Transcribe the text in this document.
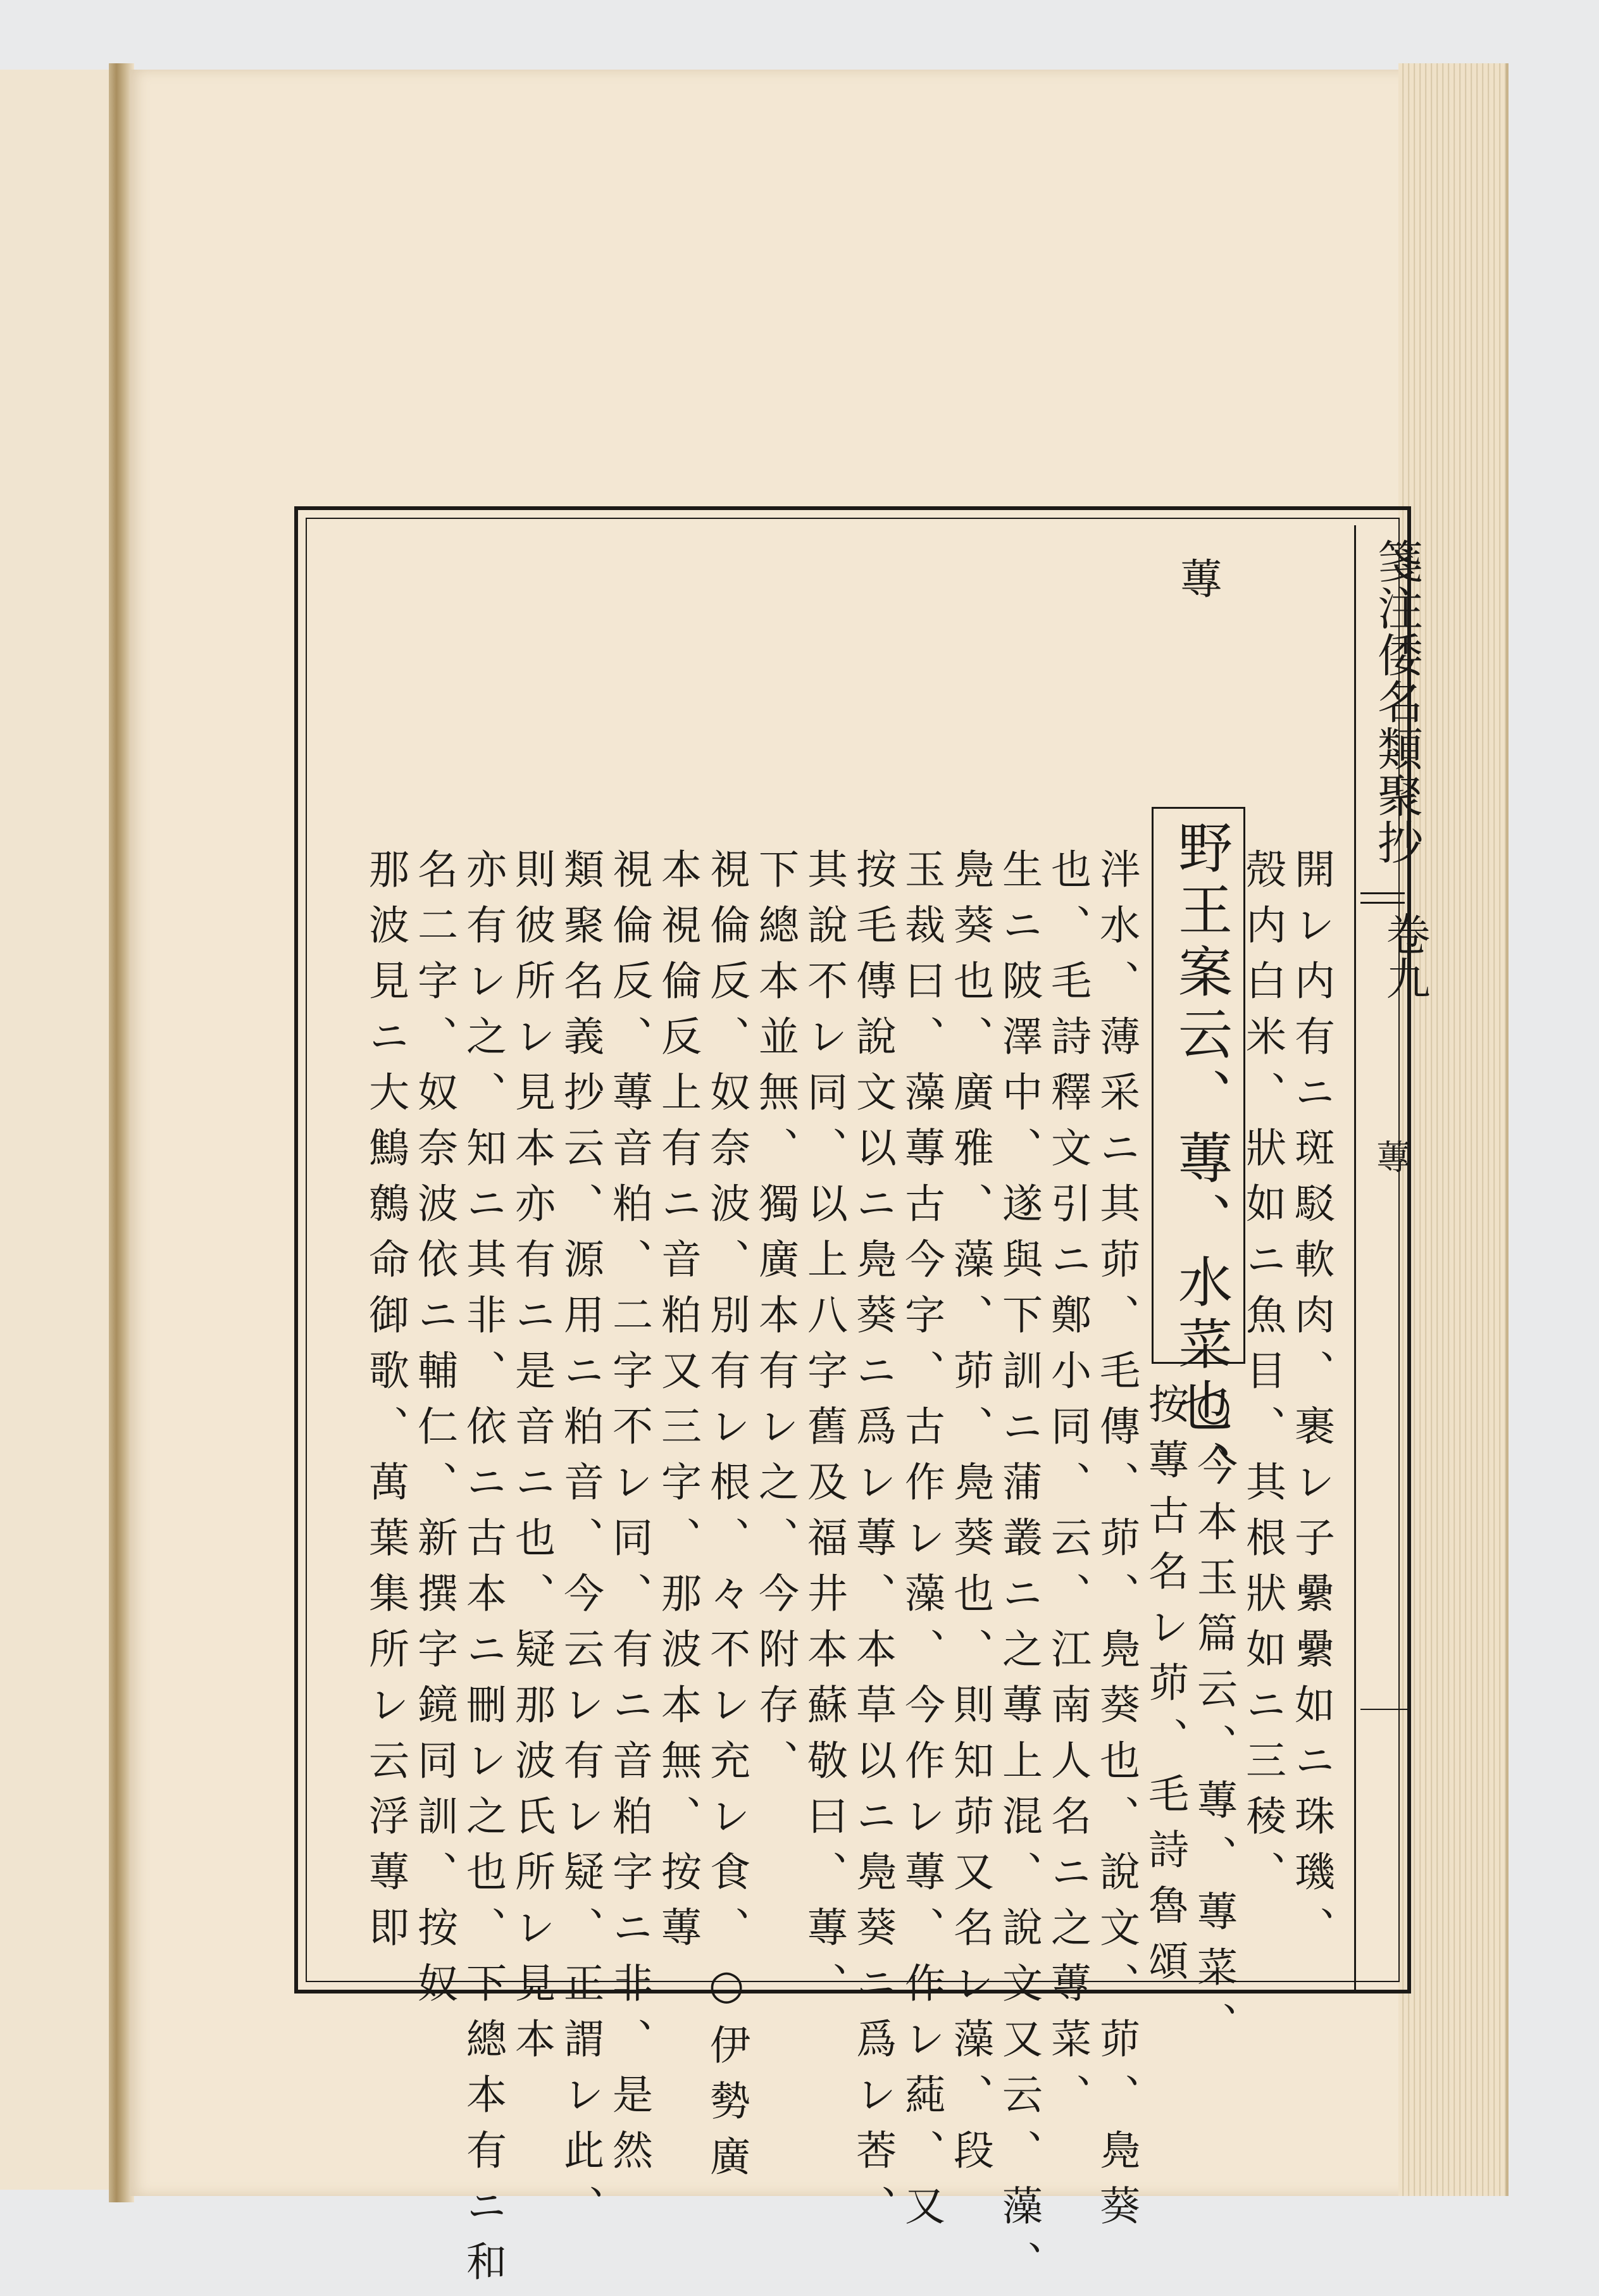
蓴
野王案云、蓴、水菜也、 開レ内有ニ斑駁軟肉、裹レ子纍纍如ニ珠璣、
殻内白米、狀如ニ魚目、其根狀如ニ三稜、
○今本玉篇云、蓴、蓴菜、
按蓴古名レ茆、毛詩魯頌
泮水、薄采ニ其茆、毛傳、茆、鳧葵也、說文、茆、鳧葵
也、毛詩釋文引ニ鄭小同、云、江南人名ニ之蓴菜、
生ニ陂澤中、遂與下訓ニ蒲叢ニ之蓴上混、說文又云、藻、
鳧葵也、廣雅、藻、茆、鳧葵也、則知茆又名レ藻、段
玉裁曰、藻蓴古今字、古作レ藻、今作レ蓴、作レ蒓、又
按毛傳說文以ニ鳧葵ニ爲レ蓴、本草以ニ鳧葵ニ爲レ莕、
其說不レ同、以上八字舊及福井本蘇敬曰、蓴、
下總本並無、獨廣本有レ之、今附存、
視倫反、奴奈波、別有レ根、々不レ充レ食、○伊勢廣
本視倫反上有ニ音粕又三字、那波本無、按蓴
視倫反、蓴音粕、二字不レ同、有ニ音粕字ニ非、是然
類聚名義抄云、源用ニ粕音、今云レ有レ疑、正謂レ此、
則彼所レ見本亦有ニ是音ニ也、疑那波氏所レ見本
亦有レ之、知ニ其非、依ニ古本ニ刪レ之也、下總本有ニ和
名二字、奴奈波依ニ輔仁、新撰字鏡同訓、按奴
那波見ニ大鷦鷯命御歌、萬葉集所レ云浮蓴即
箋注倭名類聚抄
卷九
蓴
